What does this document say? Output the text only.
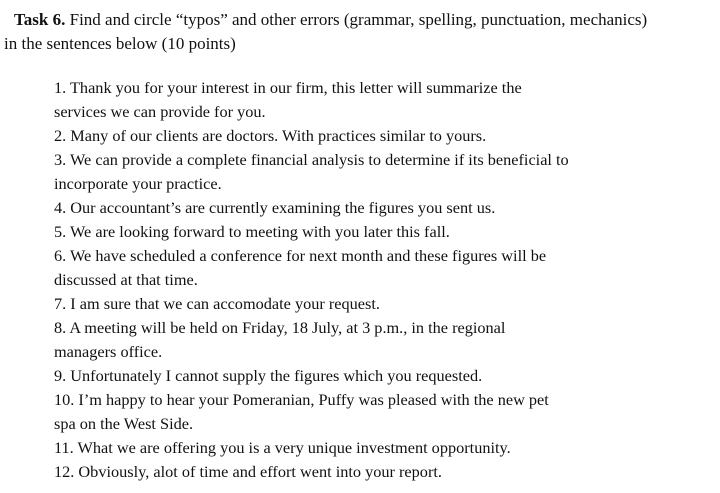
Task 6. Find and circle “typos” and other errors (grammar, spelling, punctuation, mechanics)
in the sentences below (10 points)
1. Thank you for your interest in our firm, this letter will summarize the
services we can provide for you.
2. Many of our clients are doctors. With practices similar to yours.
3. We can provide a complete financial analysis to determine if its beneficial to
incorporate your practice.
4. Our accountant’s are currently examining the figures you sent us.
5. We are looking forward to meeting with you later this fall.
6. We have scheduled a conference for next month and these figures will be
discussed at that time.
7. I am sure that we can accomodate your request.
8. A meeting will be held on Friday, 18 July, at 3 p.m., in the regional
managers office.
9. Unfortunately I cannot supply the figures which you requested.
10. I’m happy to hear your Pomeranian, Puffy was pleased with the new pet
spa on the West Side.
11. What we are offering you is a very unique investment opportunity.
12. Obviously, alot of time and effort went into your report.
